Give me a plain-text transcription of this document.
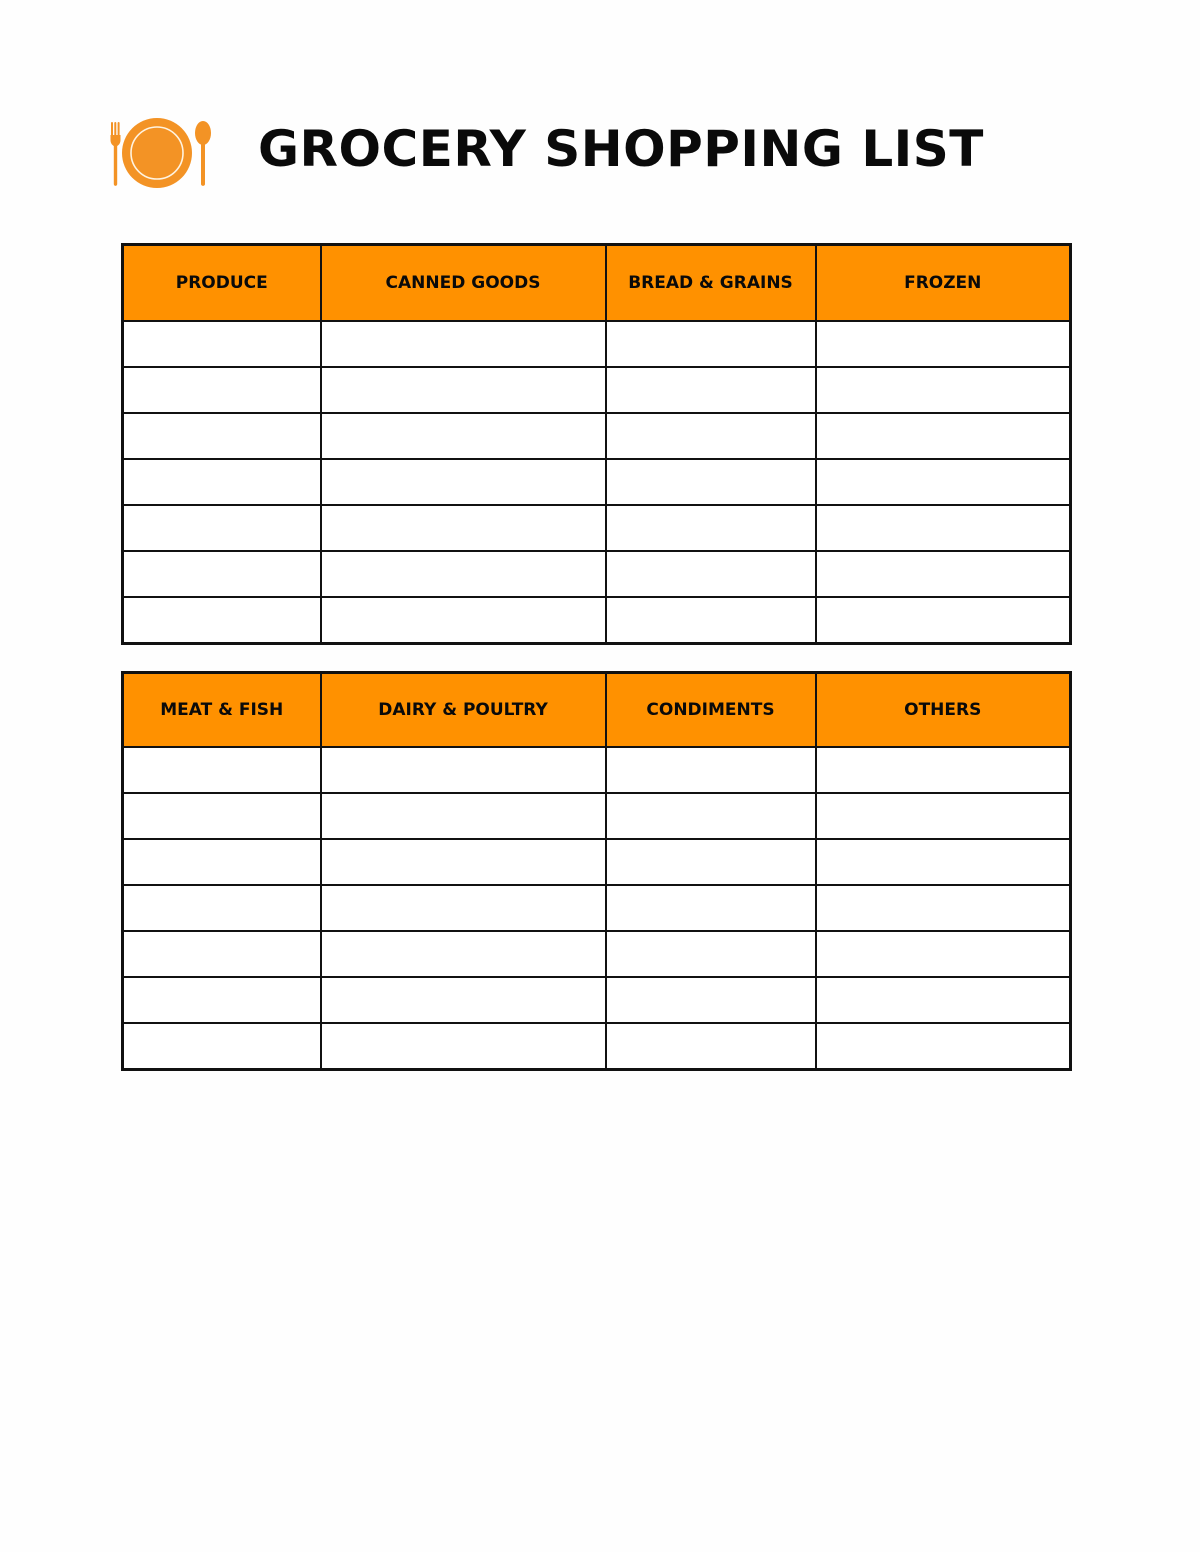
GROCERY SHOPPING LIST
PRODUCE	CANNED GOODS	BREAD & GRAINS	FROZEN

MEAT & FISH	DAIRY & POULTRY	CONDIMENTS	OTHERS
